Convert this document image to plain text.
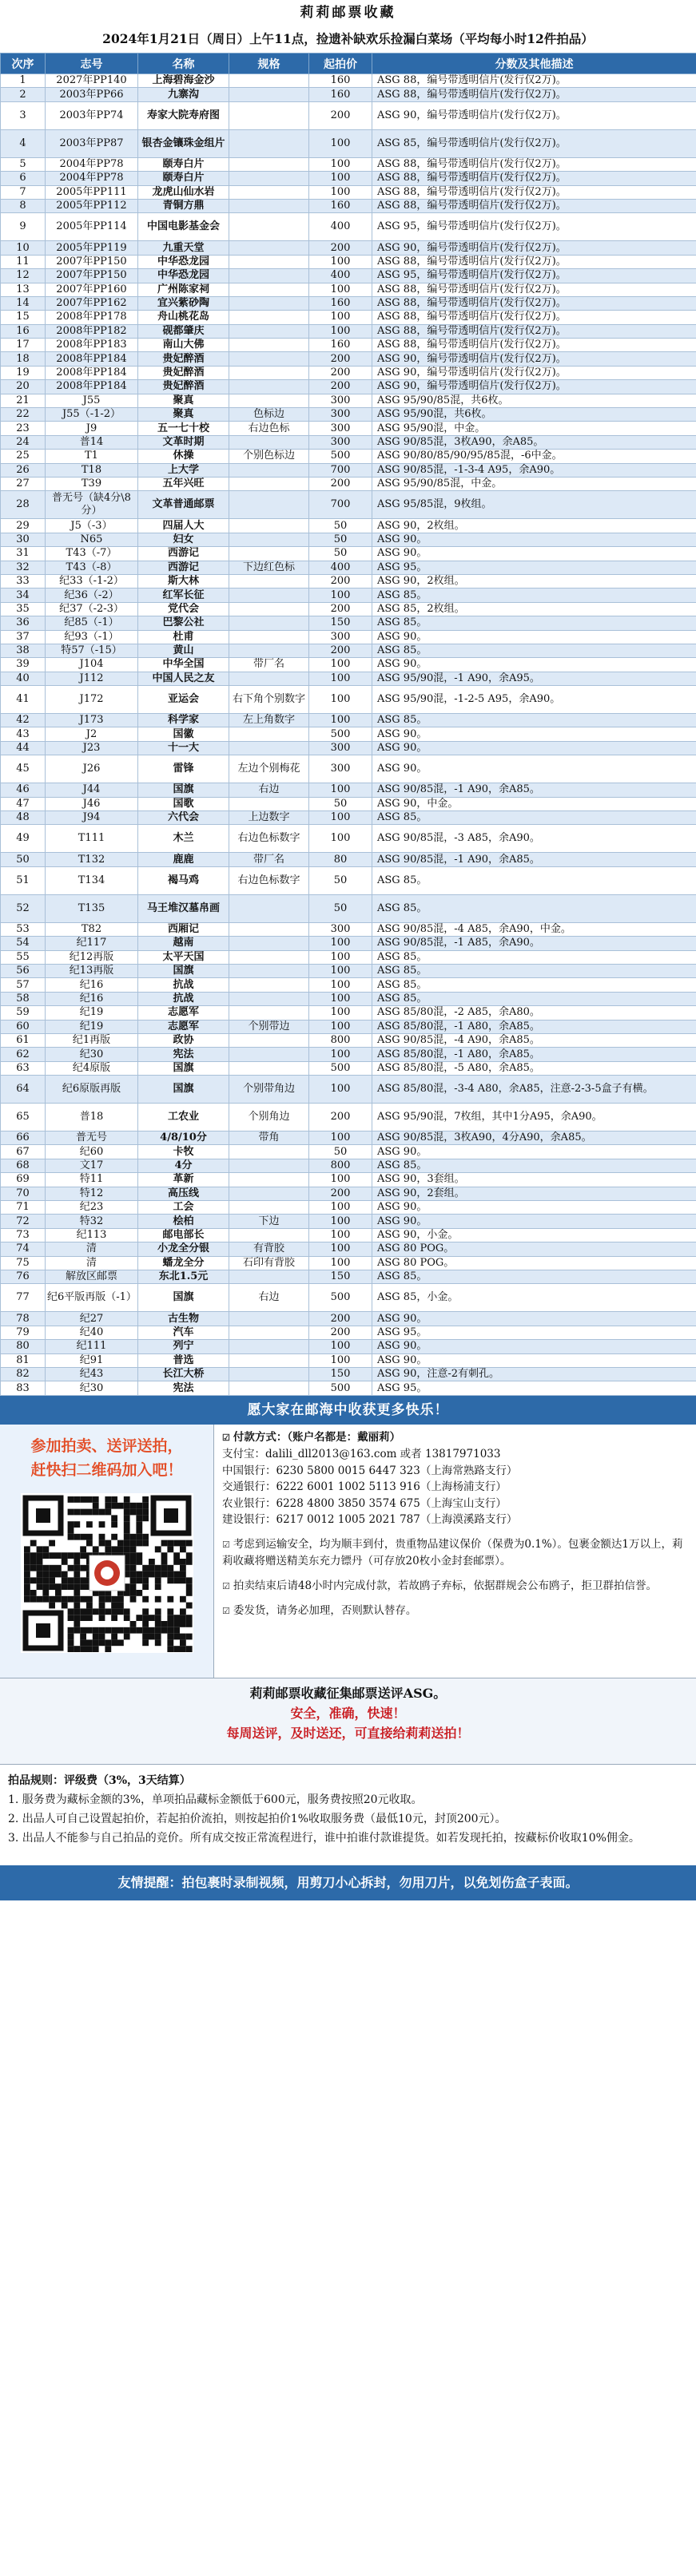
莉莉邮票收藏
2024年1月21日（周日）上午11点，捡遗补缺欢乐捡漏白菜场（平均每小时12件拍品）
次序	志号	名称	规格	起拍价	分数及其他描述
1	2027年PP140	上海碧海金沙		160	ASG 88，编号带透明信片(发行仅2万)。
2	2003年PP66	九寨沟		160	ASG 88，编号带透明信片(发行仅2万)。
3	2003年PP74	寿家大院寿府图		200	ASG 90，编号带透明信片(发行仅2万)。
4	2003年PP87	银杏金镶珠金组片		100	ASG 85，编号带透明信片(发行仅2万)。
5	2004年PP78	颐寿白片		100	ASG 88，编号带透明信片(发行仅2万)。
6	2004年PP78	颐寿白片		100	ASG 88，编号带透明信片(发行仅2万)。
7	2005年PP111	龙虎山仙水岩		100	ASG 88，编号带透明信片(发行仅2万)。
8	2005年PP112	青铜方鼎		160	ASG 88，编号带透明信片(发行仅2万)。
9	2005年PP114	中国电影基金会		400	ASG 95，编号带透明信片(发行仅2万)。
10	2005年PP119	九重天堂		200	ASG 90，编号带透明信片(发行仅2万)。
11	2007年PP150	中华恐龙园		100	ASG 88，编号带透明信片(发行仅2万)。
12	2007年PP150	中华恐龙园		400	ASG 95，编号带透明信片(发行仅2万)。
13	2007年PP160	广州陈家祠		100	ASG 88，编号带透明信片(发行仅2万)。
14	2007年PP162	宜兴紫砂陶		160	ASG 88，编号带透明信片(发行仅2万)。
15	2008年PP178	舟山桃花岛		100	ASG 88，编号带透明信片(发行仅2万)。
16	2008年PP182	砚都肇庆		100	ASG 88，编号带透明信片(发行仅2万)。
17	2008年PP183	南山大佛		160	ASG 88，编号带透明信片(发行仅2万)。
18	2008年PP184	贵妃醉酒		200	ASG 90，编号带透明信片(发行仅2万)。
19	2008年PP184	贵妃醉酒		200	ASG 90，编号带透明信片(发行仅2万)。
20	2008年PP184	贵妃醉酒		200	ASG 90，编号带透明信片(发行仅2万)。
21	J55	聚真		300	ASG 95/90/85混，共6枚。
22	J55（-1-2）	聚真	色标边	300	ASG 95/90混，共6枚。
23	J9	五一七十校	右边色标	300	ASG 95/90混，中金。
24	普14	文革时期		300	ASG 90/85混，3枚A90，余A85。
25	T1	休操	个别色标边	500	ASG 90/80/85/90/95/85混，-6中金。
26	T18	上大学		700	ASG 90/85混，-1-3-4 A95，余A90。
27	T39	五年兴旺		200	ASG 95/90/85混，中金。
28	普无号（缺4分\8分）	文革普通邮票		700	ASG 95/85混，9枚组。
29	J5（-3）	四届人大		50	ASG 90，2枚组。
30	N65	妇女		50	ASG 90。
31	T43（-7）	西游记		50	ASG 90。
32	T43（-8）	西游记	下边红色标	400	ASG 95。
33	纪33（-1-2）	斯大林		200	ASG 90，2枚组。
34	纪36（-2）	红军长征		100	ASG 85。
35	纪37（-2-3）	党代会		200	ASG 85，2枚组。
36	纪85（-1）	巴黎公社		150	ASG 85。
37	纪93（-1）	杜甫		300	ASG 90。
38	特57（-15）	黄山		200	ASG 85。
39	J104	中华全国	带厂名	100	ASG 90。
40	J112	中国人民之友		100	ASG 95/90混，-1 A90，余A95。
41	J172	亚运会	右下角个别数字	100	ASG 95/90混，-1-2-5 A95，余A90。
42	J173	科学家	左上角数字	100	ASG 85。
43	J2	国徽		500	ASG 90。
44	J23	十一大		300	ASG 90。
45	J26	雷锋	左边个别梅花	300	ASG 90。
46	J44	国旗	右边	100	ASG 90/85混，-1 A90，余A85。
47	J46	国歌		50	ASG 90，中金。
48	J94	六代会	上边数字	100	ASG 85。
49	T111	木兰	右边色标数字	100	ASG 90/85混，-3 A85，余A90。
50	T132	鹿鹿	带厂名	80	ASG 90/85混，-1 A90，余A85。
51	T134	褐马鸡	右边色标数字	50	ASG 85。
52	T135	马王堆汉墓帛画		50	ASG 85。
53	T82	西厢记		300	ASG 90/85混，-4 A85，余A90，中金。
54	纪117	越南		100	ASG 90/85混，-1 A85，余A90。
55	纪12再版	太平天国		100	ASG 85。
56	纪13再版	国旗		100	ASG 85。
57	纪16	抗战		100	ASG 85。
58	纪16	抗战		100	ASG 85。
59	纪19	志愿军		100	ASG 85/80混，-2 A85，余A80。
60	纪19	志愿军	个别带边	100	ASG 85/80混，-1 A80，余A85。
61	纪1再版	政协		800	ASG 90/85混，-4 A90，余A85。
62	纪30	宪法		100	ASG 85/80混，-1 A80，余A85。
63	纪4原版	国旗		500	ASG 85/80混，-5 A80，余A85。
64	纪6原版再版	国旗	个别带角边	100	ASG 85/80混，-3-4 A80，余A85，注意-2-3-5盒子有横。
65	普18	工农业	个别角边	200	ASG 95/90混，7枚组，其中1分A95，余A90。
66	普无号	4/8/10分	带角	100	ASG 90/85混，3枚A90，4分A90，余A85。
67	纪60	卡牧		50	ASG 90。
68	文17	4分		800	ASG 85。
69	特11	革新		100	ASG 90，3套组。
70	特12	高压线		200	ASG 90，2套组。
71	纪23	工会		100	ASG 90。
72	特32	桧柏	下边	100	ASG 90。
73	纪113	邮电部长		100	ASG 90，小金。
74	清	小龙全分银	有背胶	100	ASG 80 POG。
75	清	蟠龙全分	石印有背胶	100	ASG 80 POG。
76	解放区邮票	东北1.5元		150	ASG 85。
77	纪6平版再版（-1）	国旗	右边	500	ASG 85，小金。
78	纪27	古生物		200	ASG 90。
79	纪40	汽车		200	ASG 95。
80	纪111	列宁		100	ASG 90。
81	纪91	普选		100	ASG 90。
82	纪43	长江大桥		150	ASG 90，注意-2有刺孔。
83	纪30	宪法		500	ASG 95。
愿大家在邮海中收获更多快乐！
参加拍卖、送评送拍，
赶快扫二维码加入吧！
☑ 付款方式：（账户名都是：戴丽莉）
支付宝：dalili_dll2013@163.com 或者 13817971033
中国银行：6230 5800 0015 6447 323（上海常熟路支行）
交通银行：6222 6001 1002 5113 916（上海杨浦支行）
农业银行：6228 4800 3850 3574 675（上海宝山支行）
建设银行：6217 0012 1005 2021 787（上海漠溪路支行）
☑ 考虑到运输安全，均为顺丰到付，贵重物品建议保价（保费为0.1%）。包裹金额达1万以上，莉莉收藏将赠送精美东充力镖丹（可存放20枚小金封套邮票）。
☑ 拍卖结束后请48小时内完成付款，若故鸥子弃标，依据群规会公布鸥子，拒卫群拍信誉。
☑ 委发货，请务必加理，否则默认替存。
莉莉邮票收藏征集邮票送评ASG。
安全，准确，快速！
每周送评，及时送还，可直接给莉莉送拍！
拍品规则：评级费（3%，3天结算）
1. 服务费为藏标金额的3%，单项拍品藏标金额低于600元，服务费按照20元收取。
2. 出品人可自己设置起拍价，若起拍价流拍，则按起拍价1%收取服务费（最低10元，封顶200元）。
3. 出品人不能参与自己拍品的竞价。所有成交按正常流程进行，谁中拍谁付款谁提货。如若发现托拍，按藏标价收取10%佣金。
友情提醒：拍包裹时录制视频，用剪刀小心拆封，勿用刀片，以免划伤盒子表面。
